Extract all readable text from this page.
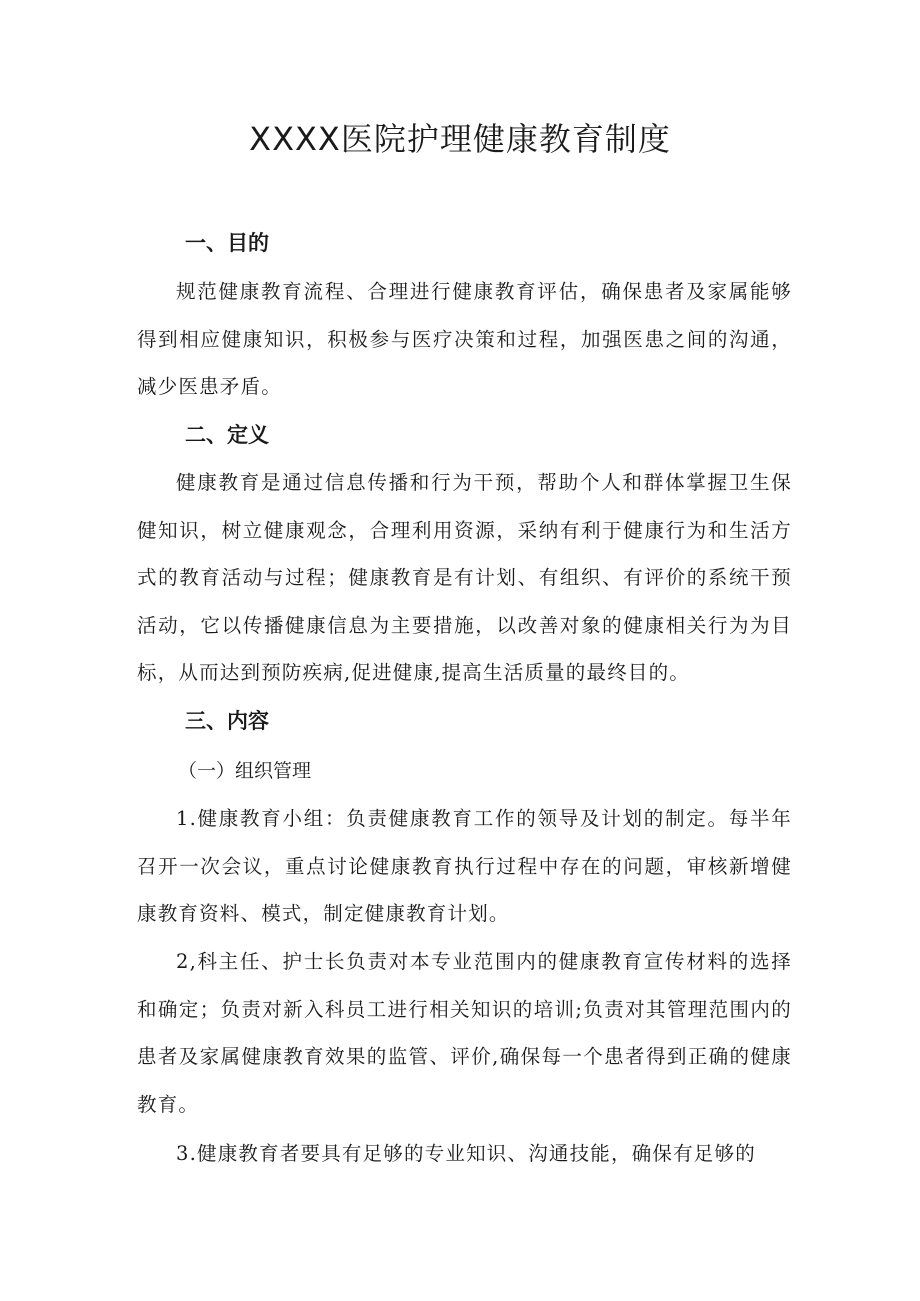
XXXX医院护理健康教育制度
一、目的

规范健康教育流程、合理进行健康教育评估，确保患者及家属能够得到相应健康知识，积极参与医疗决策和过程，加强医患之间的沟通，减少医患矛盾。

二、定义

健康教育是通过信息传播和行为干预，帮助个人和群体掌握卫生保健知识，树立健康观念，合理利用资源，采纳有利于健康行为和生活方式的教育活动与过程；健康教育是有计划、有组织、有评价的系统干预活动，它以传播健康信息为主要措施，以改善对象的健康相关行为为目标，从而达到预防疾病,促进健康,提高生活质量的最终目的。

三、内容
（一）组织管理

1.健康教育小组：负责健康教育工作的领导及计划的制定。每半年召开一次会议，重点讨论健康教育执行过程中存在的问题，审核新增健康教育资料、模式，制定健康教育计划。

2,科主任、护士长负责对本专业范围内的健康教育宣传材料的选择和确定；负责对新入科员工进行相关知识的培训;负责对其管理范围内的患者及家属健康教育效果的监管、评价,确保每一个患者得到正确的健康教育。

3.健康教育者要具有足够的专业知识、沟通技能，确保有足够的
